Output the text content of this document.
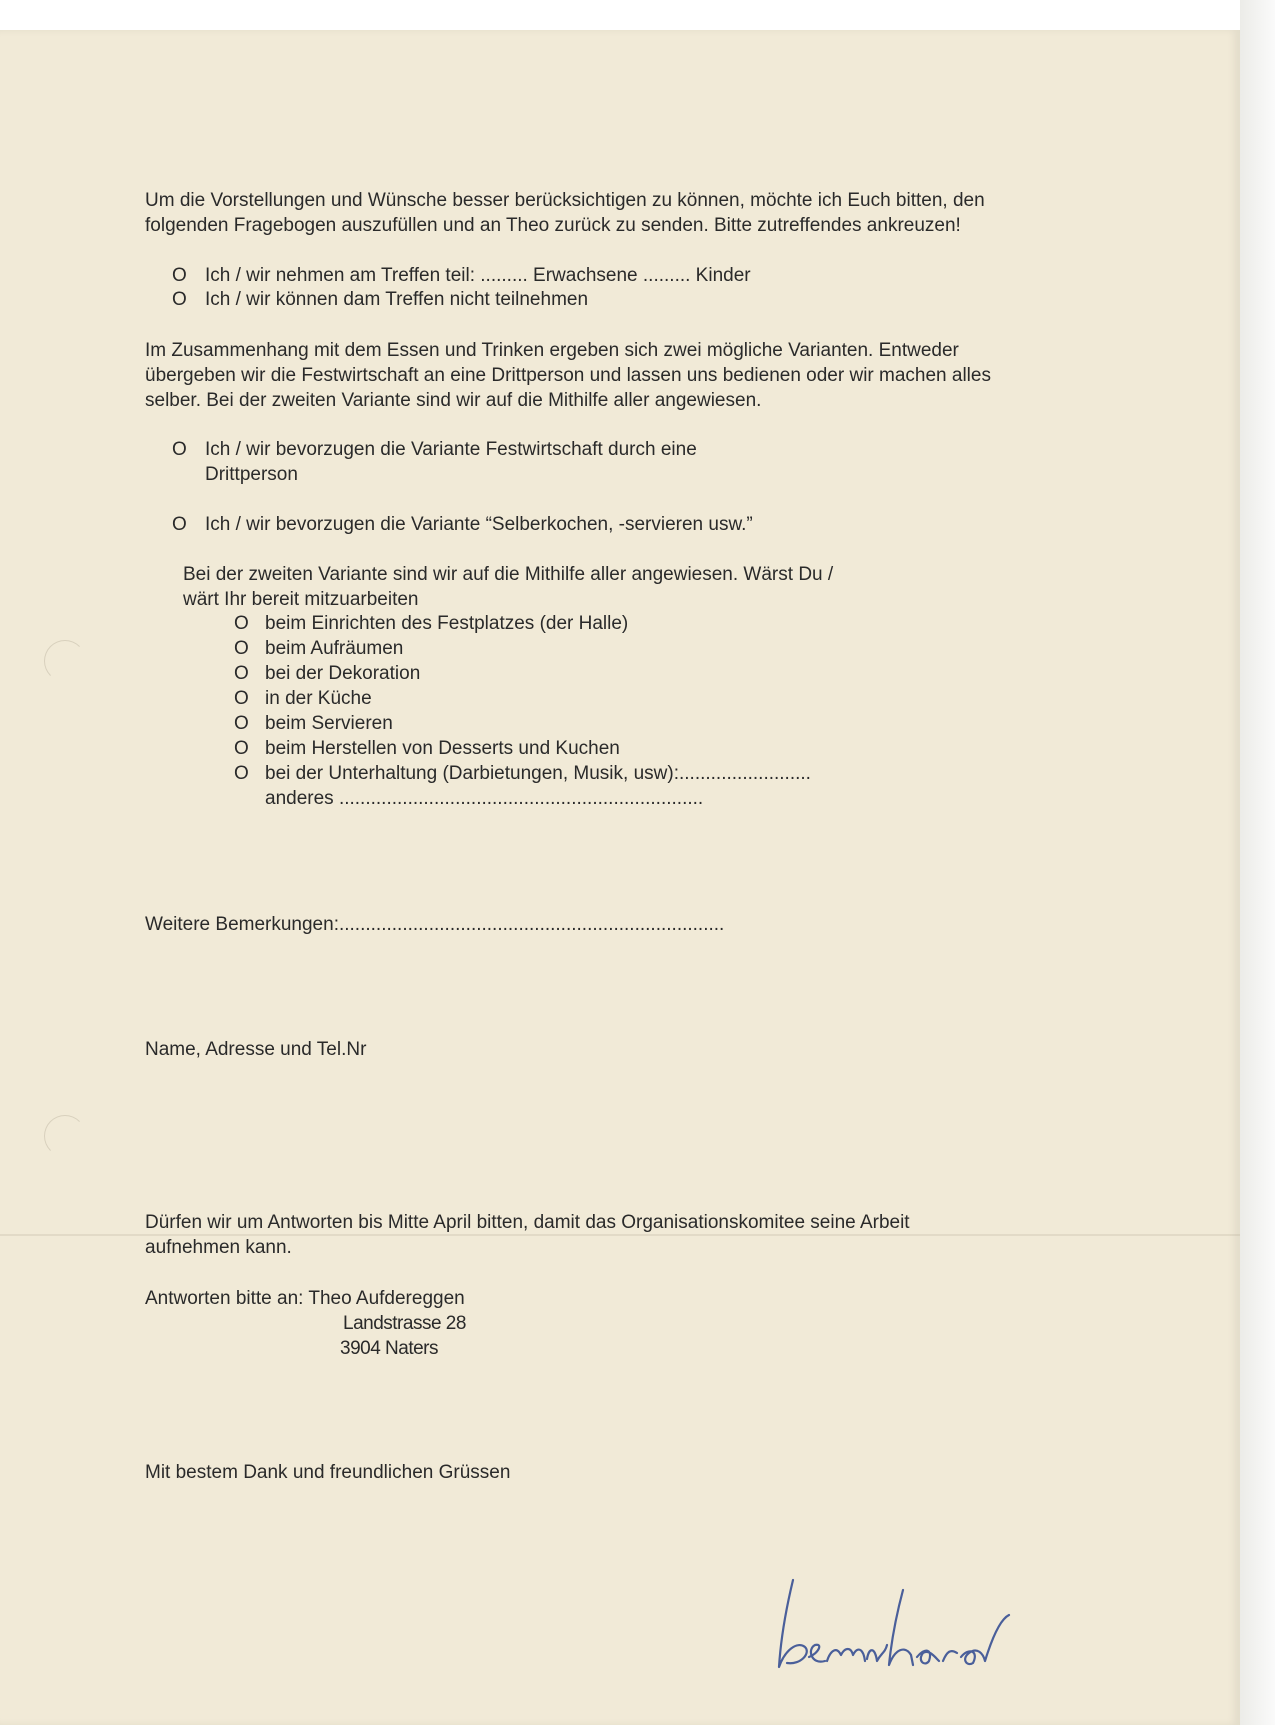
Um die Vorstellungen und Wünsche besser berücksichtigen zu können, möchte ich Euch bitten, den
folgenden Fragebogen auszufüllen und an Theo zurück zu senden. Bitte zutreffendes ankreuzen!
O Ich / wir nehmen am Treffen teil: ......... Erwachsene ......... Kinder
O Ich / wir können dam Treffen nicht teilnehmen
Im Zusammenhang mit dem Essen und Trinken ergeben sich zwei mögliche Varianten. Entweder
übergeben wir die Festwirtschaft an eine Drittperson und lassen uns bedienen oder wir machen alles
selber. Bei der zweiten Variante sind wir auf die Mithilfe aller angewiesen.
O Ich / wir bevorzugen die Variante Festwirtschaft durch eine
Drittperson
O Ich / wir bevorzugen die Variante “Selberkochen, -servieren usw.”
Bei der zweiten Variante sind wir auf die Mithilfe aller angewiesen. Wärst Du /
wärt Ihr bereit mitzuarbeiten
O beim Einrichten des Festplatzes (der Halle)
O beim Aufräumen
O bei der Dekoration
O in der Küche
O beim Servieren
O beim Herstellen von Desserts und Kuchen
O bei der Unterhaltung (Darbietungen, Musik, usw):.........................
anderes .....................................................................
Weitere Bemerkungen:.........................................................................
Name, Adresse und Tel.Nr
Dürfen wir um Antworten bis Mitte April bitten, damit das Organisationskomitee seine Arbeit
aufnehmen kann.
Antworten bitte an: Theo Aufdereggen
Landstrasse 28
3904 Naters
Mit bestem Dank und freundlichen Grüssen
